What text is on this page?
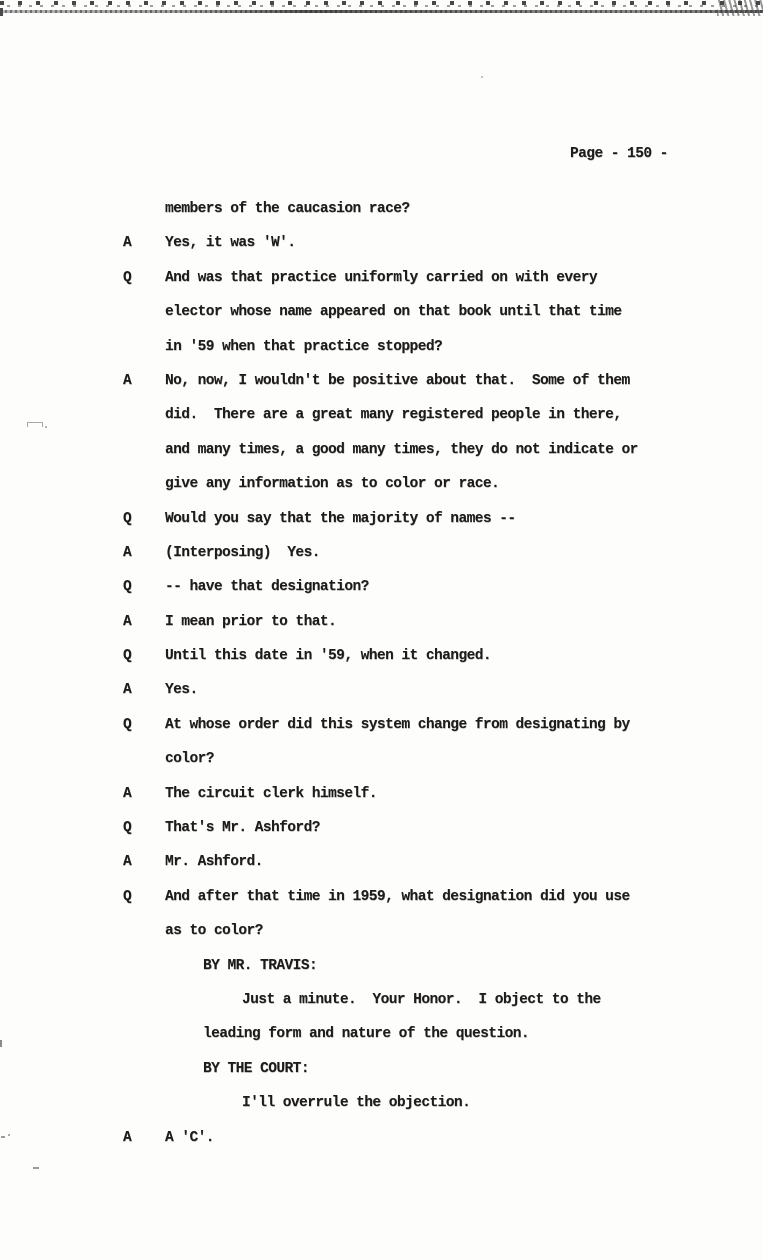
Page - 150 -
members of the caucasion race?
A Yes, it was 'W'.
Q And was that practice uniformly carried on with every
elector whose name appeared on that book until that time
in '59 when that practice stopped?
A No, now, I wouldn't be positive about that.  Some of them
did.  There are a great many registered people in there,
and many times, a good many times, they do not indicate or
give any information as to color or race.
Q Would you say that the majority of names --
A (Interposing)  Yes.
Q -- have that designation?
A I mean prior to that.
Q Until this date in '59, when it changed.
A Yes.
Q At whose order did this system change from designating by
color?
A The circuit clerk himself.
Q That's Mr. Ashford?
A Mr. Ashford.
Q And after that time in 1959, what designation did you use
as to color?
BY MR. TRAVIS:
Just a minute.  Your Honor.  I object to the
leading form and nature of the question.
BY THE COURT:
I'll overrule the objection.
A A 'C'.
